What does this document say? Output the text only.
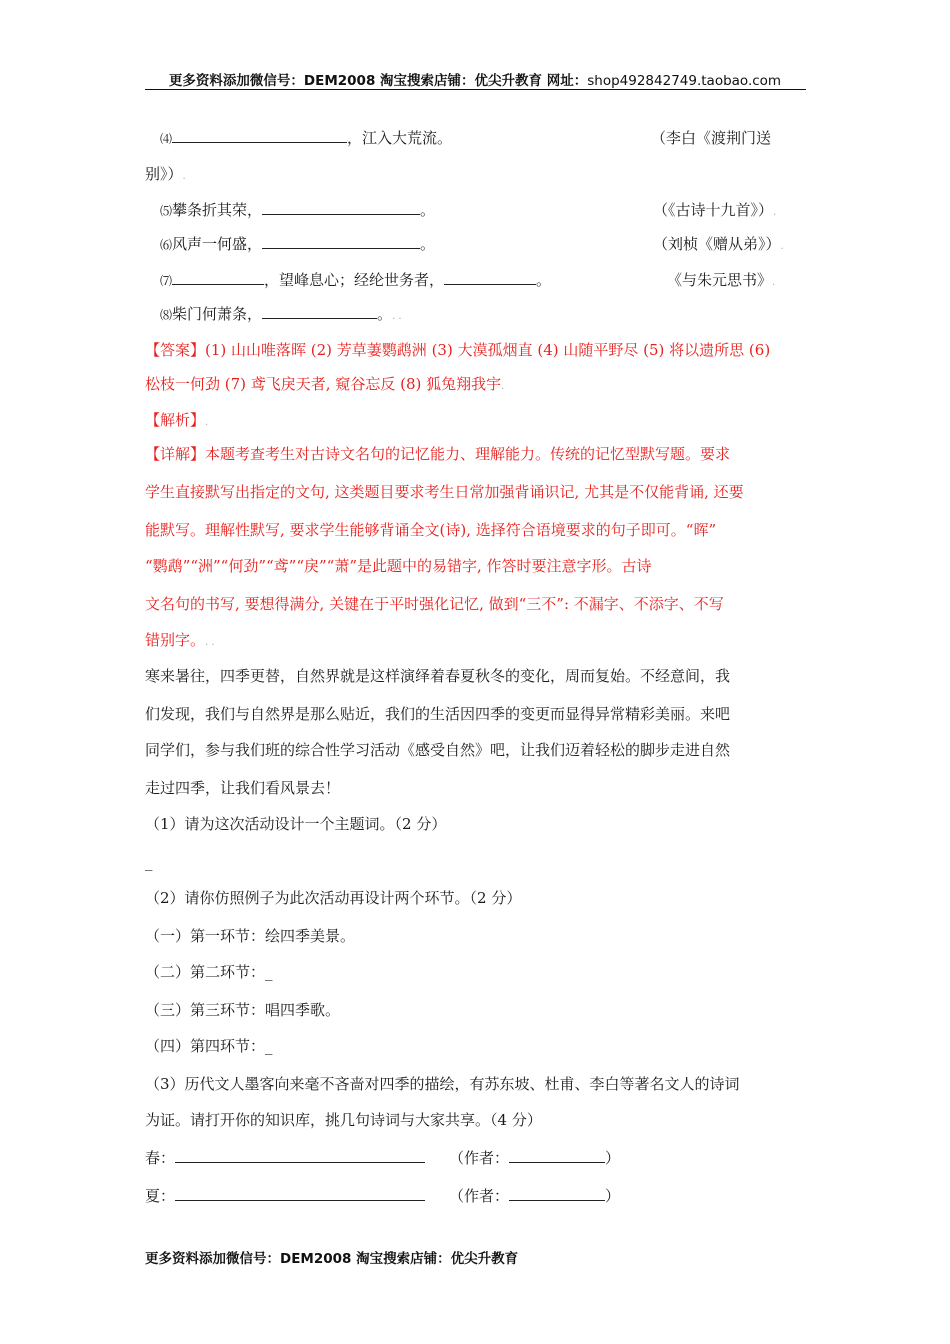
更多资料添加微信号：DEM2008 淘宝搜索店铺：优尖升教育 网址：shop492842749.taobao.com
⑷	，江入大荒流。	（李白《渡荆门送
别》）.
⑸攀条折其荣，	。	（《古诗十九首》）.
⑹风声一何盛，	。	（刘桢《赠从弟》）.
⑺	，望峰息心；经纶世务者，	。	《与朱元思书》.
⑻柴门何萧条，	。. .
【答案】(1) 山山唯落晖 (2) 芳草萋鹦鹉洲 (3) 大漠孤烟直 (4) 山随平野尽 (5) 将以遗所思 (6)
松枝一何劲 (7) 鸢飞戾天者, 窥谷忘反 (8) 狐兔翔我宇.
【解析】.
【详解】本题考查考生对古诗文名句的记忆能力、理解能力。传统的记忆型默写题。要求
学生直接默写出指定的文句, 这类题目要求考生日常加强背诵识记, 尤其是不仅能背诵, 还要
能默写。理解性默写, 要求学生能够背诵全文(诗), 选择符合语境要求的句子即可。“晖”
“鹦鹉”“洲”“何劲”“鸢”“戾”“萧”是此题中的易错字, 作答时要注意字形。古诗
文名句的书写, 要想得满分, 关键在于平时强化记忆, 做到“三不”: 不漏字、不添字、不写
错别字。. .
寒来暑往，四季更替，自然界就是这样演绎着春夏秋冬的变化，周而复始。不经意间，我
们发现，我们与自然界是那么贴近，我们的生活因四季的变更而显得异常精彩美丽。来吧
同学们，参与我们班的综合性学习活动《感受自然》吧，让我们迈着轻松的脚步走进自然
走过四季，让我们看风景去！
（1）请为这次活动设计一个主题词。（2 分）
_
（2）请你仿照例子为此次活动再设计两个环节。（2 分）
（一）第一环节：绘四季美景。
（二）第二环节：_
（三）第三环节：唱四季歌。
（四）第四环节：_
（3）历代文人墨客向来毫不吝啬对四季的描绘，有苏东坡、杜甫、李白等著名文人的诗词
为证。请打开你的知识库，挑几句诗词与大家共享。（4 分）
春：	（作者：	）
夏：	（作者：	）
更多资料添加微信号：DEM2008 淘宝搜索店铺：优尖升教育
